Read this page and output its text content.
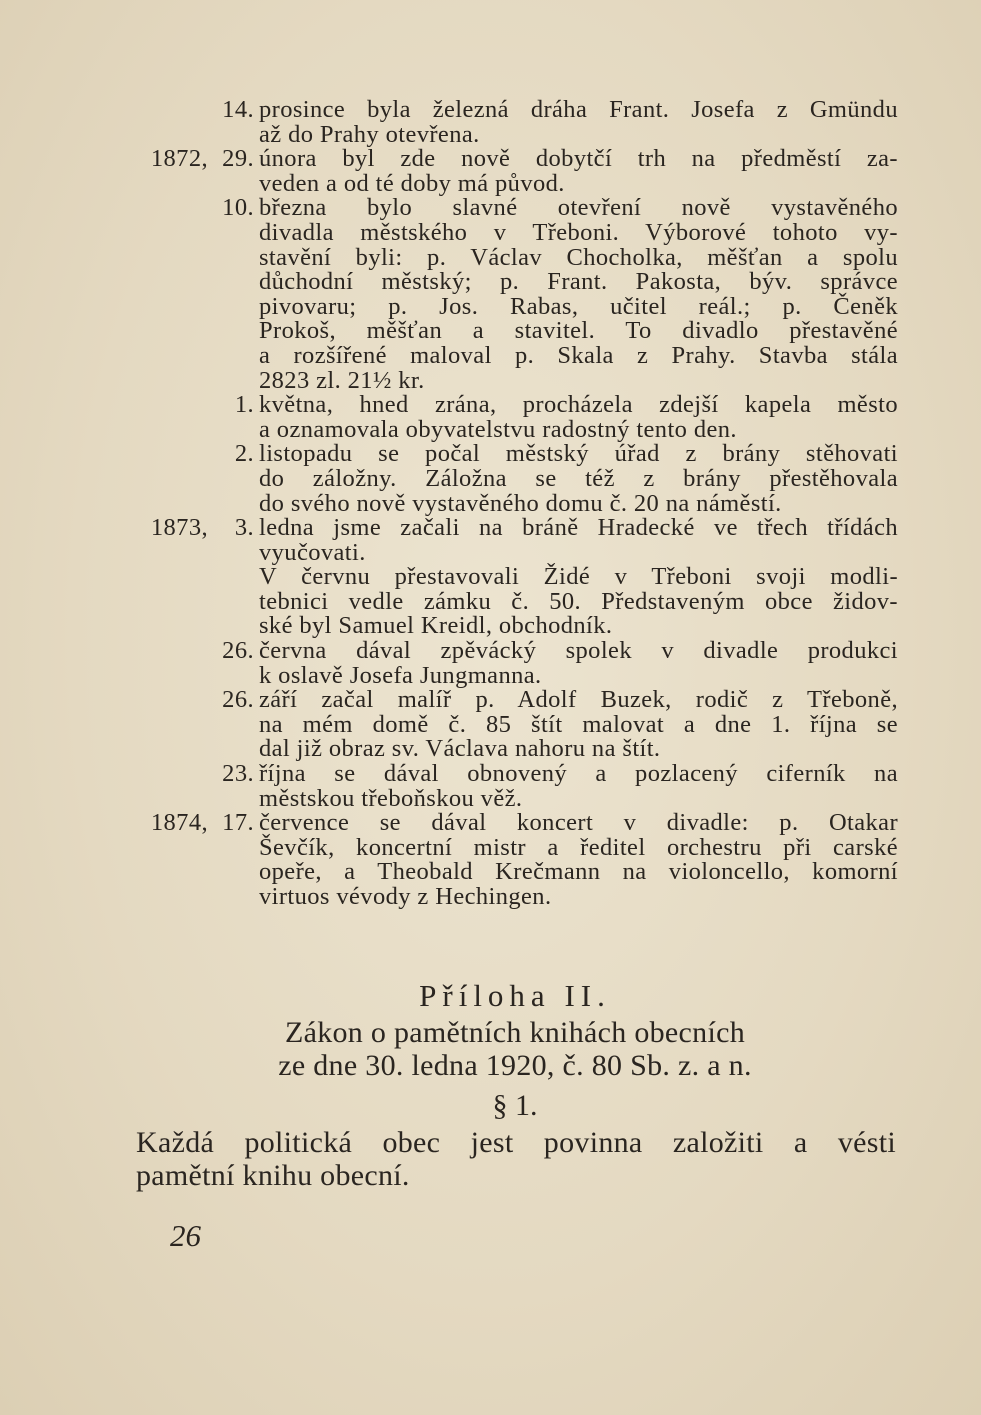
14. prosince byla železná dráha Frant. Josefa z Gmündu
až do Prahy otevřena.
1872, 29. února byl zde nově dobytčí trh na předměstí za-
veden a od té doby má původ.
10. března bylo slavné otevření nově vystavěného
divadla městského v Třeboni. Výborové tohoto vy-
stavění byli: p. Václav Chocholka, měšťan a spolu
důchodní městský; p. Frant. Pakosta, býv. správce
pivovaru; p. Jos. Rabas, učitel reál.; p. Čeněk
Prokoš, měšťan a stavitel. To divadlo přestavěné
a rozšířené maloval p. Skala z Prahy. Stavba stála
2823 zl. 21½ kr.
1. května, hned zrána, procházela zdejší kapela město
a oznamovala obyvatelstvu radostný tento den.
2. listopadu se počal městský úřad z brány stěhovati
do záložny. Záložna se též z brány přestěhovala
do svého nově vystavěného domu č. 20 na náměstí.
1873,	3. ledna jsme začali na bráně Hradecké ve třech třídách
vyučovati.
V červnu přestavovali Židé v Třeboni svoji modli-
tebnici vedle zámku č. 50. Představeným obce židov-
ské byl Samuel Kreidl, obchodník.
26. června dával zpěvácký spolek v divadle produkci
k oslavě Josefa Jungmanna.
26. září začal malíř p. Adolf Buzek, rodič z Třeboně,
na mém domě č. 85 štít malovat a dne 1. října se
dal již obraz sv. Václava nahoru na štít.
23. října se dával obnovený a pozlacený ciferník na
městskou třeboňskou věž.
1874, 17. července se dával koncert v divadle: p. Otakar
Ševčík, koncertní mistr a ředitel orchestru při carské
opeře, a Theobald Krečmann na violoncello, komorní
virtuos vévody z Hechingen.
Příloha II.
Zákon o pamětních knihách obecních
ze dne 30. ledna 1920, č. 80 Sb. z. a n.
§ 1.
Každá politická obec jest povinna založiti a vésti
pamětní knihu obecní.
26
